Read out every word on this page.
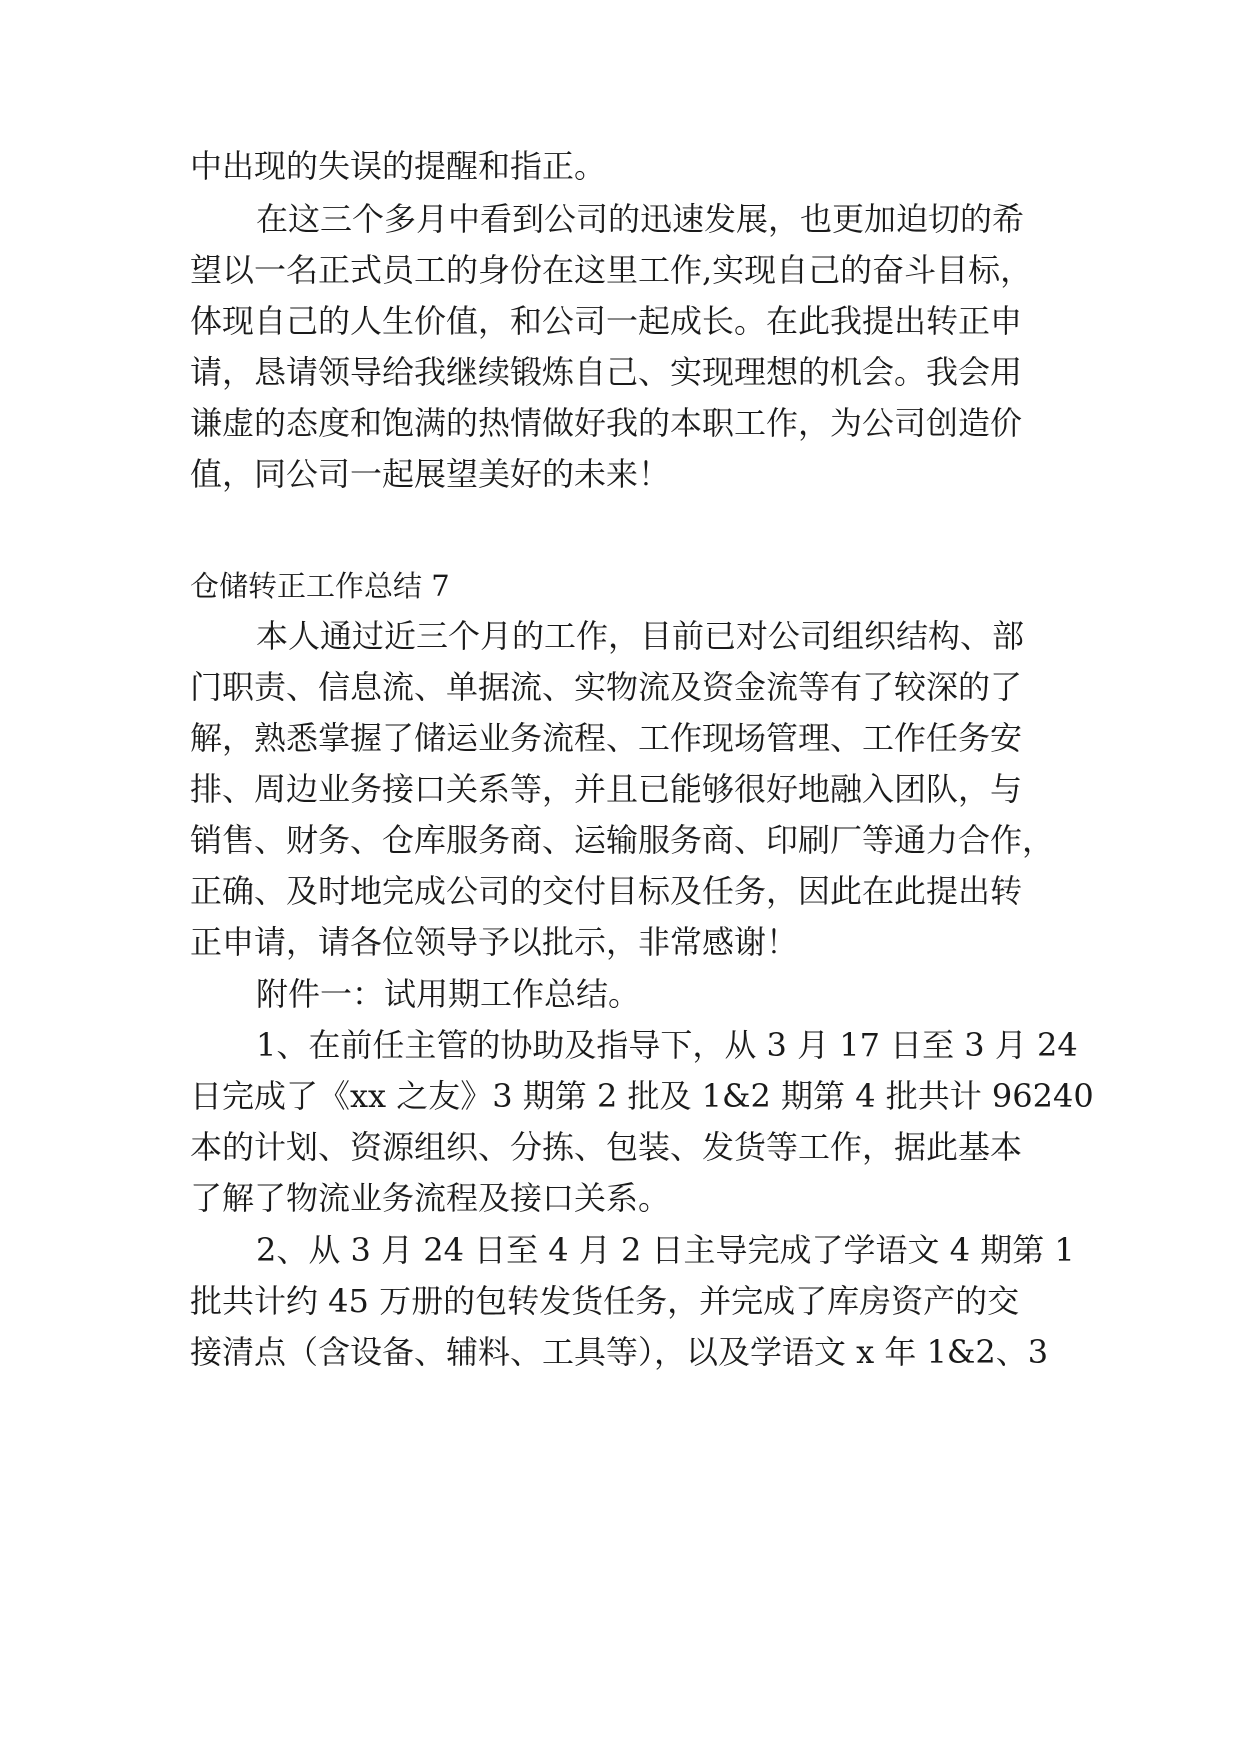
中出现的失误的提醒和指正。

在这三个多月中看到公司的迅速发展，也更加迫切的希

望以一名正式员工的身份在这里工作,实现自己的奋斗目标，

体现自己的人生价值，和公司一起成长。在此我提出转正申

请，恳请领导给我继续锻炼自己、实现理想的机会。我会用

谦虚的态度和饱满的热情做好我的本职工作，为公司创造价

值，同公司一起展望美好的未来！

仓储转正工作总结 7

本人通过近三个月的工作，目前已对公司组织结构、部

门职责、信息流、单据流、实物流及资金流等有了较深的了

解，熟悉掌握了储运业务流程、工作现场管理、工作任务安

排、周边业务接口关系等，并且已能够很好地融入团队，与

销售、财务、仓库服务商、运输服务商、印刷厂等通力合作，

正确、及时地完成公司的交付目标及任务，因此在此提出转

正申请，请各位领导予以批示，非常感谢！

附件一：试用期工作总结。

1、在前任主管的协助及指导下，从 3 月 17 日至 3 月 24

日完成了《xx 之友》3 期第 2 批及 1&2 期第 4 批共计 96240

本的计划、资源组织、分拣、包装、发货等工作，据此基本

了解了物流业务流程及接口关系。

2、从 3 月 24 日至 4 月 2 日主导完成了学语文 4 期第 1

批共计约 45 万册的包转发货任务，并完成了库房资产的交

接清点（含设备、辅料、工具等），以及学语文 x 年 1&2、3
